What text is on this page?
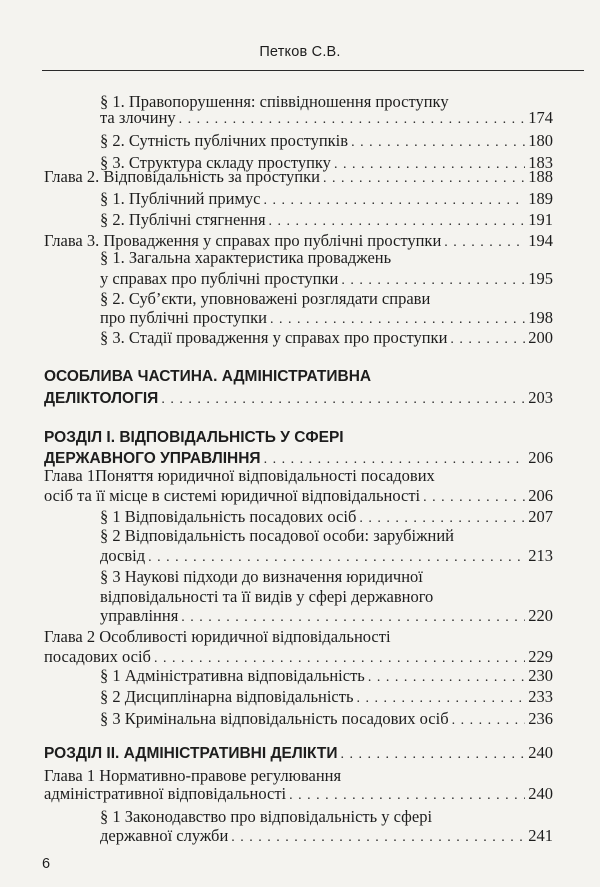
Петков С.В.
§ 1. Правопорушення: співвідношення проступку
та злочину . . .	174
§ 2. Сутність публічних проступків . . .	180
§ 3. Структура складу проступку . . .	183
Глава 2. Відповідальність за проступки . . .	188
§ 1. Публічний примус . . .	189
§ 2. Публічні стягнення . . .	191
Глава 3. Провадження у справах про публічні проступки . . .	194
§ 1. Загальна характеристика проваджень
у справах про публічні проступки . . .	195
§ 2. Суб’єкти, уповноважені розглядати справи
про публічні проступки . . .	198
§ 3. Стадії провадження у справах про проступки . . .	200
ОСОБЛИВА ЧАСТИНА. АДМІНІСТРАТИВНА
ДЕЛІКТОЛОГІЯ . . .	203
РОЗДІЛ І. ВІДПОВІДАЛЬНІСТЬ У СФЕРІ
ДЕРЖАВНОГО УПРАВЛІННЯ . . .	206
Глава 1Поняття юридичної відповідальності посадових
осіб та її місце в системі юридичної відповідальності . . .	206
§ 1 Відповідальність посадових осіб . . .	207
§ 2 Відповідальність посадової особи: зарубіжний
досвід . . .	213
§ 3 Наукові підходи до визначення юридичної
відповідальності та її видів у сфері державного
управління . . .	220
Глава 2 Особливості юридичної відповідальності
посадових осіб . . .	229
§ 1 Адміністративна відповідальність . . .	230
§ 2 Дисциплінарна відповідальність . . .	233
§ 3 Кримінальна відповідальність посадових осіб . . .	236
РОЗДІЛ ІІ. АДМІНІСТРАТИВНІ ДЕЛІКТИ . . .	240
Глава 1 Нормативно-правове регулювання
адміністративної відповідальності . . .	240
§ 1 Законодавство про відповідальність у сфері
державної служби . . .	241
6
